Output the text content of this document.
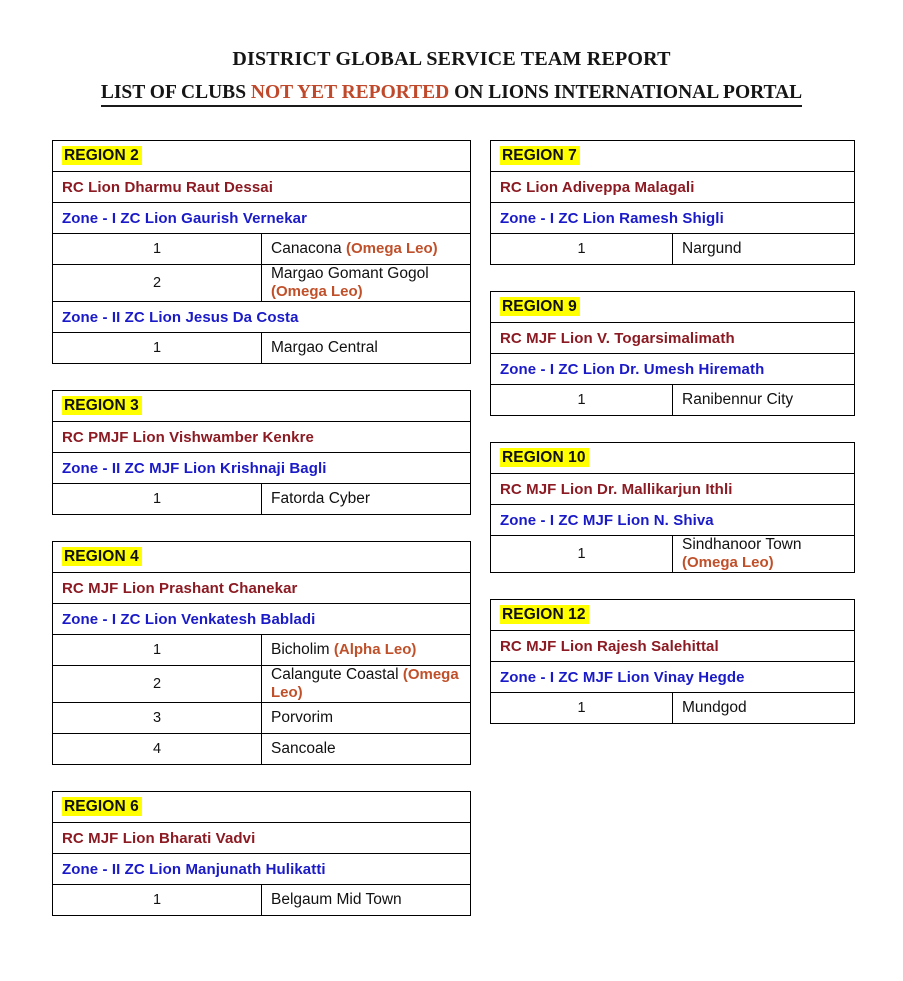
DISTRICT GLOBAL SERVICE TEAM REPORT
LIST OF CLUBS NOT YET REPORTED ON LIONS INTERNATIONAL PORTAL
REGION 2	
RC Lion Dharmu Raut Dessai	
Zone - I ZC Lion Gaurish Vernekar	
1	Canacona (Omega Leo)
2	Margao Gomant Gogol (Omega Leo)
Zone - II ZC Lion Jesus Da Costa	
1	Margao Central
REGION 3
RC PMJF Lion Vishwamber Kenkre
Zone - II ZC MJF Lion Krishnaji Bagli
1	Fatorda Cyber
REGION 4	
RC MJF Lion Prashant Chanekar	
Zone - I ZC Lion Venkatesh Babladi	
1	Bicholim (Alpha Leo)
2	Calangute Coastal (Omega Leo)
3	Porvorim
4	Sancoale
REGION 6
RC MJF Lion Bharati Vadvi
Zone - II ZC Lion Manjunath Hulikatti
1	Belgaum Mid Town
REGION 7
RC Lion Adiveppa Malagali
Zone - I ZC Lion Ramesh Shigli
1	Nargund
REGION 9
RC MJF Lion V. Togarsimalimath
Zone - I ZC Lion Dr. Umesh Hiremath
1	Ranibennur City
REGION 10
RC MJF Lion Dr. Mallikarjun Ithli
Zone - I ZC MJF Lion N. Shiva
1	Sindhanoor Town (Omega Leo)
REGION 12
RC MJF Lion Rajesh Salehittal
Zone - I ZC MJF Lion Vinay Hegde
1	Mundgod
